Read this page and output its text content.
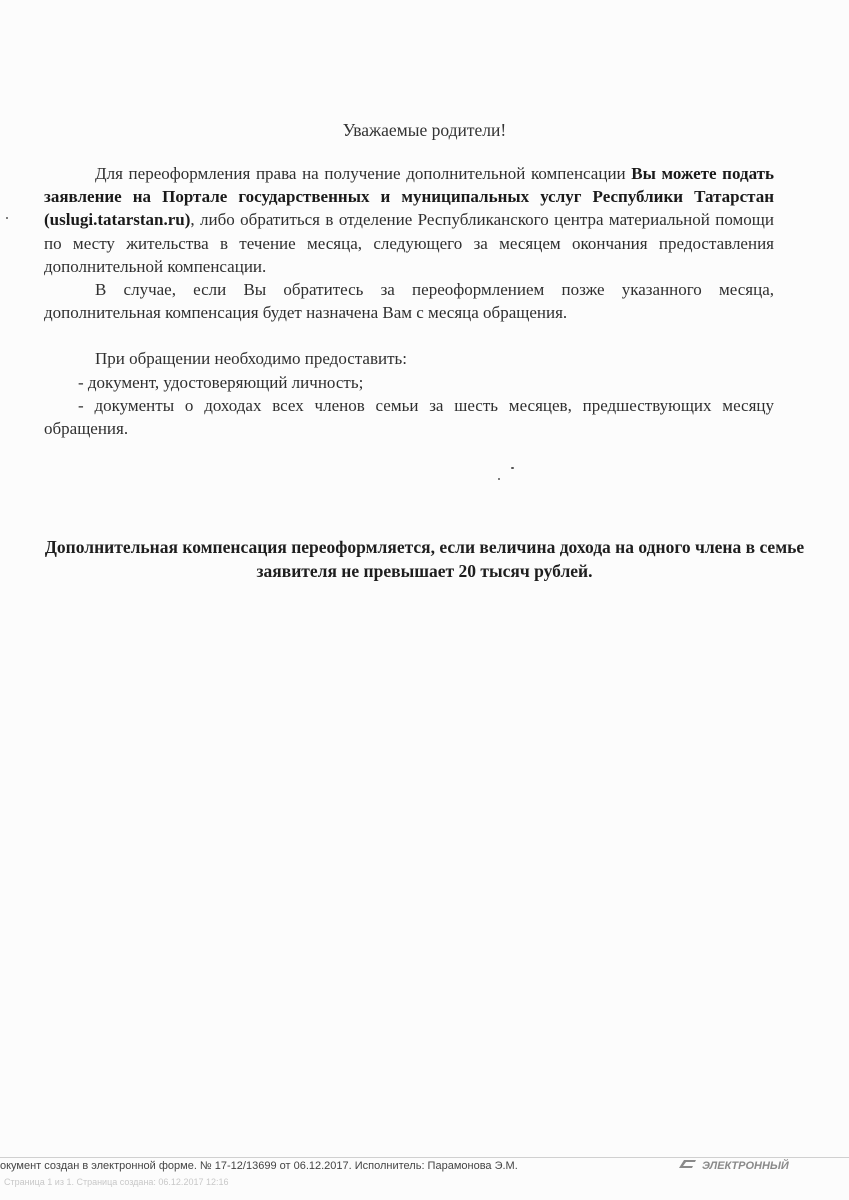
Уважаемые родители!

Для переоформления права на получение дополнительной компенсации Вы можете подать заявление на Портале государственных и муниципальных услуг Республики Татарстан (uslugi.tatarstan.ru), либо обратиться в отделение Республиканского центра материальной помощи по месту жительства в течение месяца, следующего за месяцем окончания предоставления дополнительной компенсации.

В случае, если Вы обратитесь за переоформлением позже указанного месяца, дополнительная компенсация будет назначена Вам с месяца обращения.

При обращении необходимо предоставить:

- документ, удостоверяющий личность;

- документы о доходах всех членов семьи за шесть месяцев, предшествующих месяцу обращения.

Дополнительная компенсация переоформляется, если величина дохода на одного члена в семье заявителя не превышает 20 тысяч рублей.
окумент создан в электронной форме. № 17-12/13699 от 06.12.2017. Исполнитель: Парамонова Э.М.
Страница 1 из 1. Страница создана: 06.12.2017 12:16
ЭЛЕКТРОННЫЙ
